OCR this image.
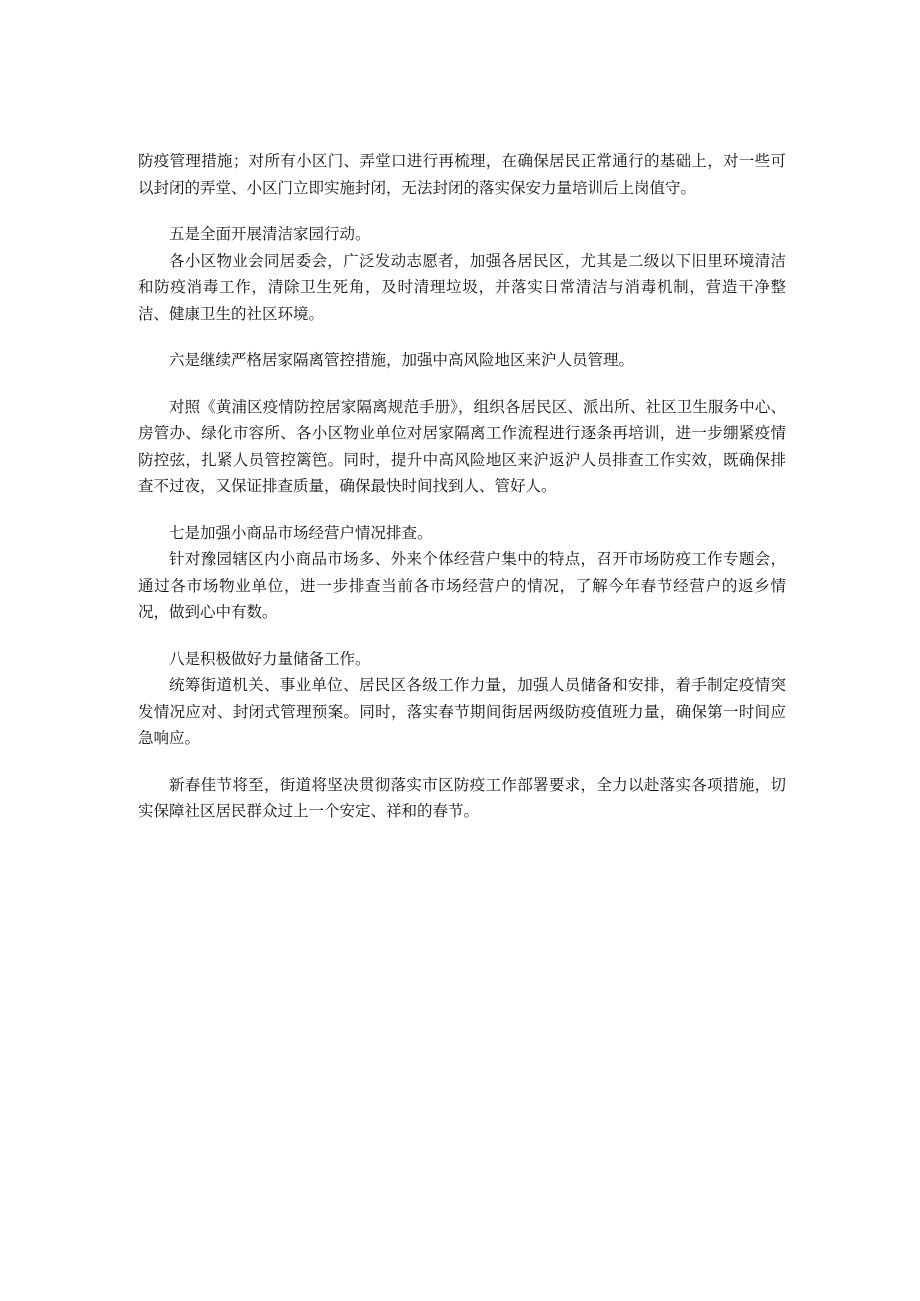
防疫管理措施；对所有小区门、弄堂口进行再梳理，在确保居民正常通行的基础上，对一些可以封闭的弄堂、小区门立即实施封闭，无法封闭的落实保安力量培训后上岗值守。

五是全面开展清洁家园行动。

各小区物业会同居委会，广泛发动志愿者，加强各居民区，尤其是二级以下旧里环境清洁和防疫消毒工作，清除卫生死角，及时清理垃圾，并落实日常清洁与消毒机制，营造干净整洁、健康卫生的社区环境。

六是继续严格居家隔离管控措施，加强中高风险地区来沪人员管理。

对照《黄浦区疫情防控居家隔离规范手册》，组织各居民区、派出所、社区卫生服务中心、房管办、绿化市容所、各小区物业单位对居家隔离工作流程进行逐条再培训，进一步绷紧疫情防控弦，扎紧人员管控篱笆。同时，提升中高风险地区来沪返沪人员排查工作实效，既确保排查不过夜，又保证排查质量，确保最快时间找到人、管好人。

七是加强小商品市场经营户情况排查。

针对豫园辖区内小商品市场多、外来个体经营户集中的特点，召开市场防疫工作专题会，通过各市场物业单位，进一步排查当前各市场经营户的情况，了解今年春节经营户的返乡情况，做到心中有数。

八是积极做好力量储备工作。

统筹街道机关、事业单位、居民区各级工作力量，加强人员储备和安排，着手制定疫情突发情况应对、封闭式管理预案。同时，落实春节期间街居两级防疫值班力量，确保第一时间应急响应。

新春佳节将至，街道将坚决贯彻落实市区防疫工作部署要求，全力以赴落实各项措施，切实保障社区居民群众过上一个安定、祥和的春节。
